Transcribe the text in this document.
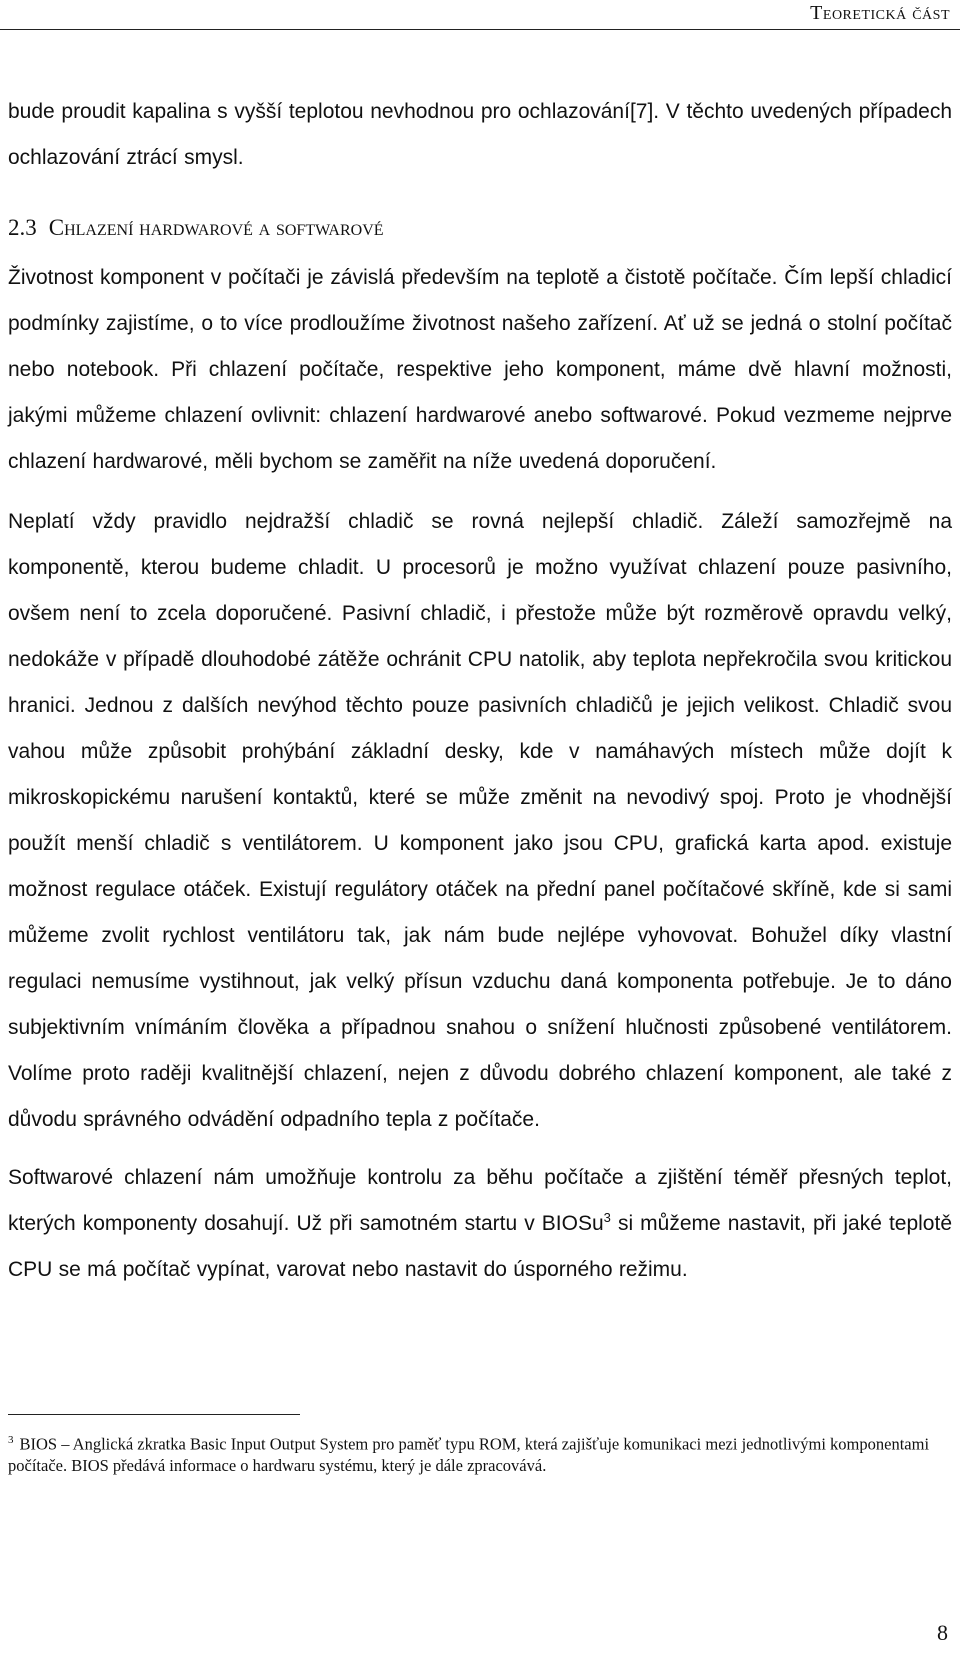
Teoretická část

bude proudit kapalina s vyšší teplotou nevhodnou pro ochlazování[7]. V těchto uvedených případech ochlazování ztrácí smysl.

2.3 Chlazení hardwarové a softwarové

Životnost komponent v počítači je závislá především na teplotě a čistotě počítače. Čím lepší chladicí podmínky zajistíme, o to více prodloužíme životnost našeho zařízení. Ať už se jedná o stolní počítač nebo notebook. Při chlazení počítače, respektive jeho komponent, máme dvě hlavní možnosti, jakými můžeme chlazení ovlivnit: chlazení hardwarové anebo softwarové. Pokud vezmeme nejprve chlazení hardwarové, měli bychom se zaměřit na níže uvedená doporučení.

Neplatí vždy pravidlo nejdražší chladič se rovná nejlepší chladič. Záleží samozřejmě na komponentě, kterou budeme chladit. U procesorů je možno využívat chlazení pouze pasivního, ovšem není to zcela doporučené. Pasivní chladič, i přestože může být rozměrově opravdu velký, nedokáže v případě dlouhodobé zátěže ochránit CPU natolik, aby teplota nepřekročila svou kritickou hranici. Jednou z dalších nevýhod těchto pouze pasivních chladičů je jejich velikost. Chladič svou vahou může způsobit prohýbání základní desky, kde v namáhavých místech může dojít k mikroskopickému narušení kontaktů, které se může změnit na nevodivý spoj. Proto je vhodnější použít menší chladič s ventilátorem. U komponent jako jsou CPU, grafická karta apod. existuje možnost regulace otáček. Existují regulátory otáček na přední panel počítačové skříně, kde si sami můžeme zvolit rychlost ventilátoru tak, jak nám bude nejlépe vyhovovat. Bohužel díky vlastní regulaci nemusíme vystihnout, jak velký přísun vzduchu daná komponenta potřebuje. Je to dáno subjektivním vnímáním člověka a případnou snahou o snížení hlučnosti způsobené ventilátorem. Volíme proto raději kvalitnější chlazení, nejen z důvodu dobrého chlazení komponent, ale také z důvodu správného odvádění odpadního tepla z počítače.

Softwarové chlazení nám umožňuje kontrolu za běhu počítače a zjištění téměř přesných teplot, kterých komponenty dosahují. Už při samotném startu v BIOSu$^3$ si můžeme nastavit, při jaké teplotě CPU se má počítač vypínat, varovat nebo nastavit do úsporného režimu.

$^3$ BIOS – Anglická zkratka Basic Input Output System pro paměť typu ROM, která zajišťuje komunikaci mezi jednotlivými komponentami počítače. BIOS předává informace o hardwaru systému, který je dále zpracovává.

8
